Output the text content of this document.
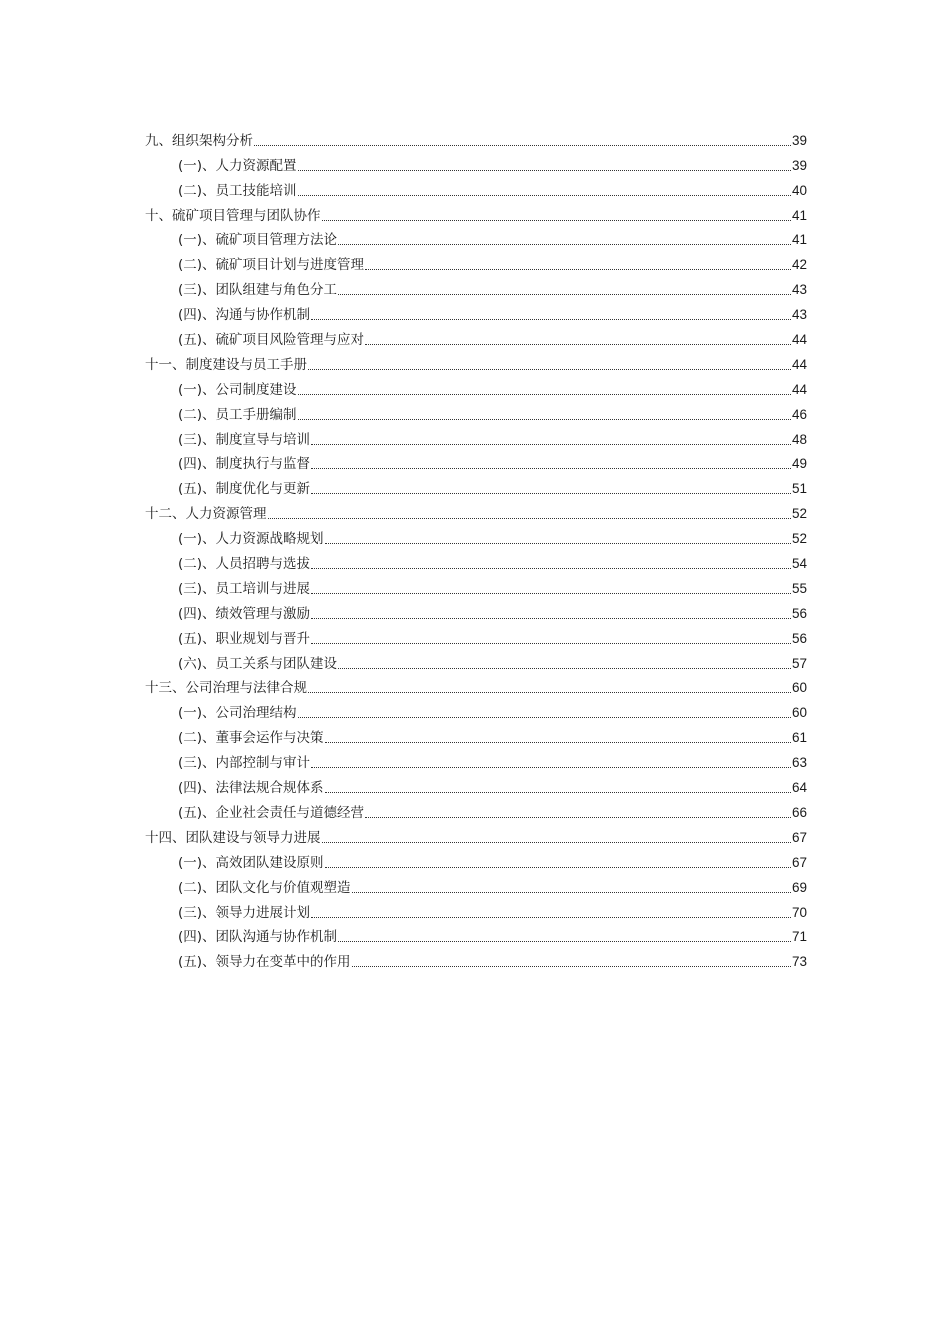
九、组织架构分析	39
(一)、人力资源配置	39
(二)、员工技能培训	40
十、硫矿项目管理与团队协作	41
(一)、硫矿项目管理方法论	41
(二)、硫矿项目计划与进度管理	42
(三)、团队组建与角色分工	43
(四)、沟通与协作机制	43
(五)、硫矿项目风险管理与应对	44
十一、制度建设与员工手册	44
(一)、公司制度建设	44
(二)、员工手册编制	46
(三)、制度宣导与培训	48
(四)、制度执行与监督	49
(五)、制度优化与更新	51
十二、人力资源管理	52
(一)、人力资源战略规划	52
(二)、人员招聘与选拔	54
(三)、员工培训与进展	55
(四)、绩效管理与激励	56
(五)、职业规划与晋升	56
(六)、员工关系与团队建设	57
十三、公司治理与法律合规	60
(一)、公司治理结构	60
(二)、董事会运作与决策	61
(三)、内部控制与审计	63
(四)、法律法规合规体系	64
(五)、企业社会责任与道德经营	66
十四、团队建设与领导力进展	67
(一)、高效团队建设原则	67
(二)、团队文化与价值观塑造	69
(三)、领导力进展计划	70
(四)、团队沟通与协作机制	71
(五)、领导力在变革中的作用	73
